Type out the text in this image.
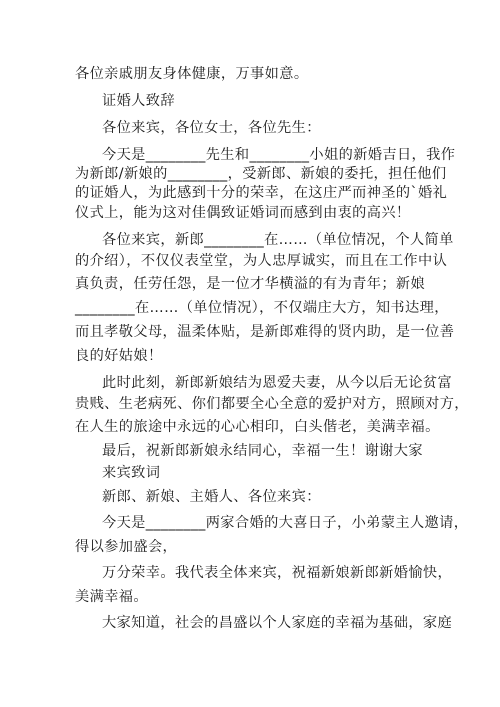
各位亲戚朋友身体健康，万事如意。
证婚人致辞
各位来宾，各位女士，各位先生：
今天是________先生和________小姐的新婚吉日，我作
为新郎/新娘的________，受新郎、新娘的委托，担任他们
的证婚人，为此感到十分的荣幸，在这庄严而神圣的`婚礼
仪式上，能为这对佳偶致证婚词而感到由衷的高兴！
各位来宾，新郎________在……（单位情况，个人简单
的介绍），不仅仪表堂堂，为人忠厚诚实，而且在工作中认
真负责，任劳任怨，是一位才华横溢的有为青年；新娘
________在……（单位情况），不仅端庄大方，知书达理，
而且孝敬父母，温柔体贴，是新郎难得的贤内助，是一位善
良的好姑娘！
此时此刻，新郎新娘结为恩爱夫妻，从今以后无论贫富
贵贱、生老病死、你们都要全心全意的爱护对方，照顾对方，
在人生的旅途中永远的心心相印，白头偕老，美满幸福。
最后，祝新郎新娘永结同心，幸福一生！谢谢大家
来宾致词
新郎、新娘、主婚人、各位来宾：
今天是________两家合婚的大喜日子，小弟蒙主人邀请，
得以参加盛会，
万分荣幸。我代表全体来宾，祝福新娘新郎新婚愉快，
美满幸福。
大家知道，社会的昌盛以个人家庭的幸福为基础，家庭
